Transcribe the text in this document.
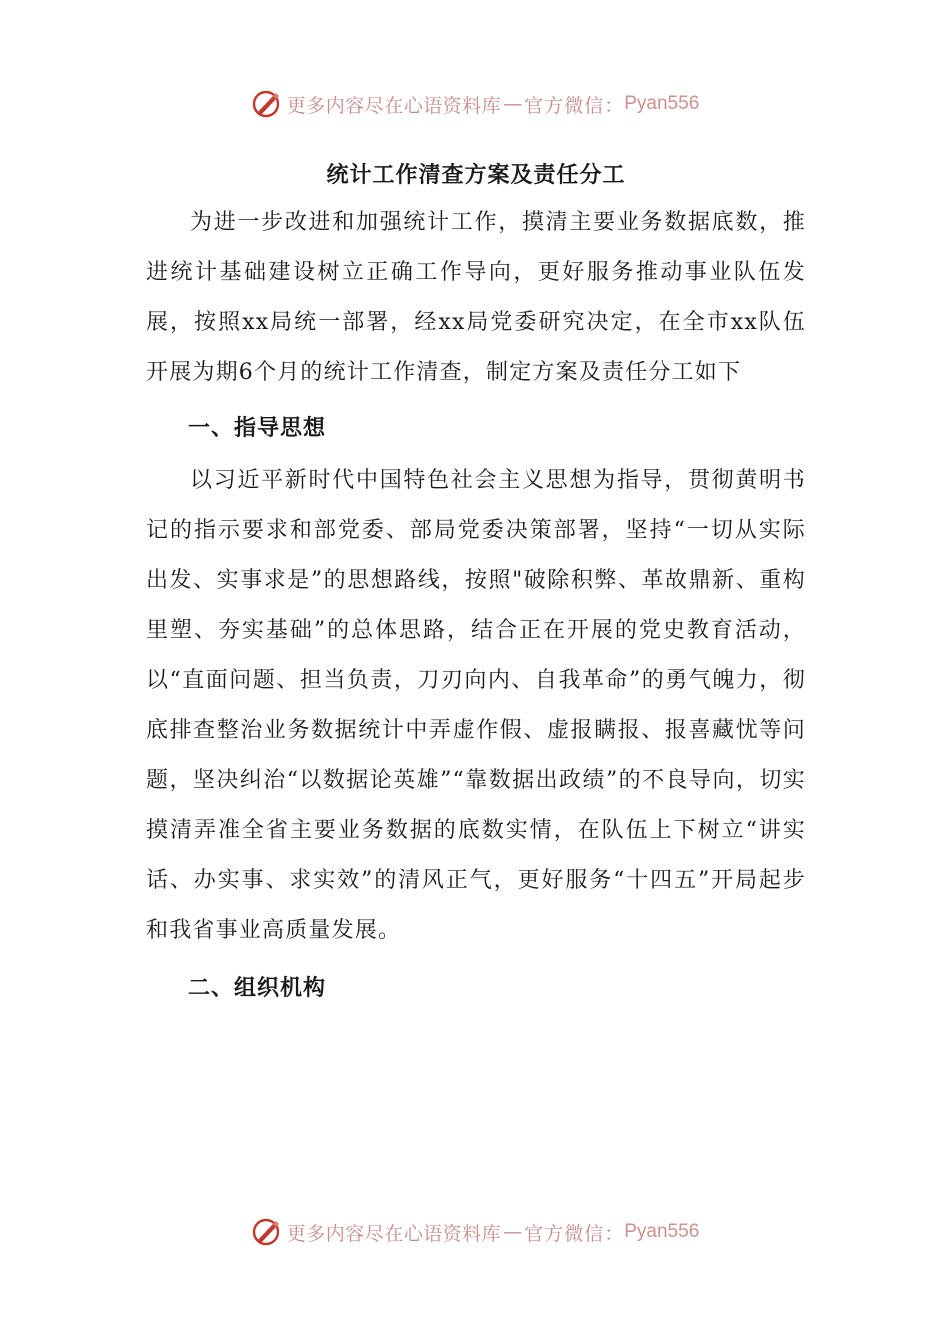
更多内容尽在心语资料库 — 官方微信： Pyan556
统计工作清查方案及责任分工

为进一步改进和加强统计工作，摸清主要业务数据底数，推进统计基础建设树立正确工作导向，更好服务推动事业队伍发展，按照xx局统一部署，经xx局党委研究决定，在全市xx队伍开展为期6个月的统计工作清查，制定方案及责任分工如下

一、指导思想

以习近平新时代中国特色社会主义思想为指导，贯彻黄明书记的指示要求和部党委、部局党委决策部署，坚持“一切从实际出发、实事求是”的思想路线，按照"破除积弊、革故鼎新、重构里塑、夯实基础”的总体思路，结合正在开展的党史教育活动，以“直面问题、担当负责，刀刃向内、自我革命”的勇气魄力，彻底排查整治业务数据统计中弄虚作假、虚报瞒报、报喜藏忧等问题，坚决纠治“以数据论英雄”“靠数据出政绩”的不良导向，切实摸清弄准全省主要业务数据的底数实情，在队伍上下树立“讲实话、办实事、求实效”的清风正气，更好服务“十四五”开局起步和我省事业高质量发展。

二、组织机构
更多内容尽在心语资料库 — 官方微信： Pyan556
